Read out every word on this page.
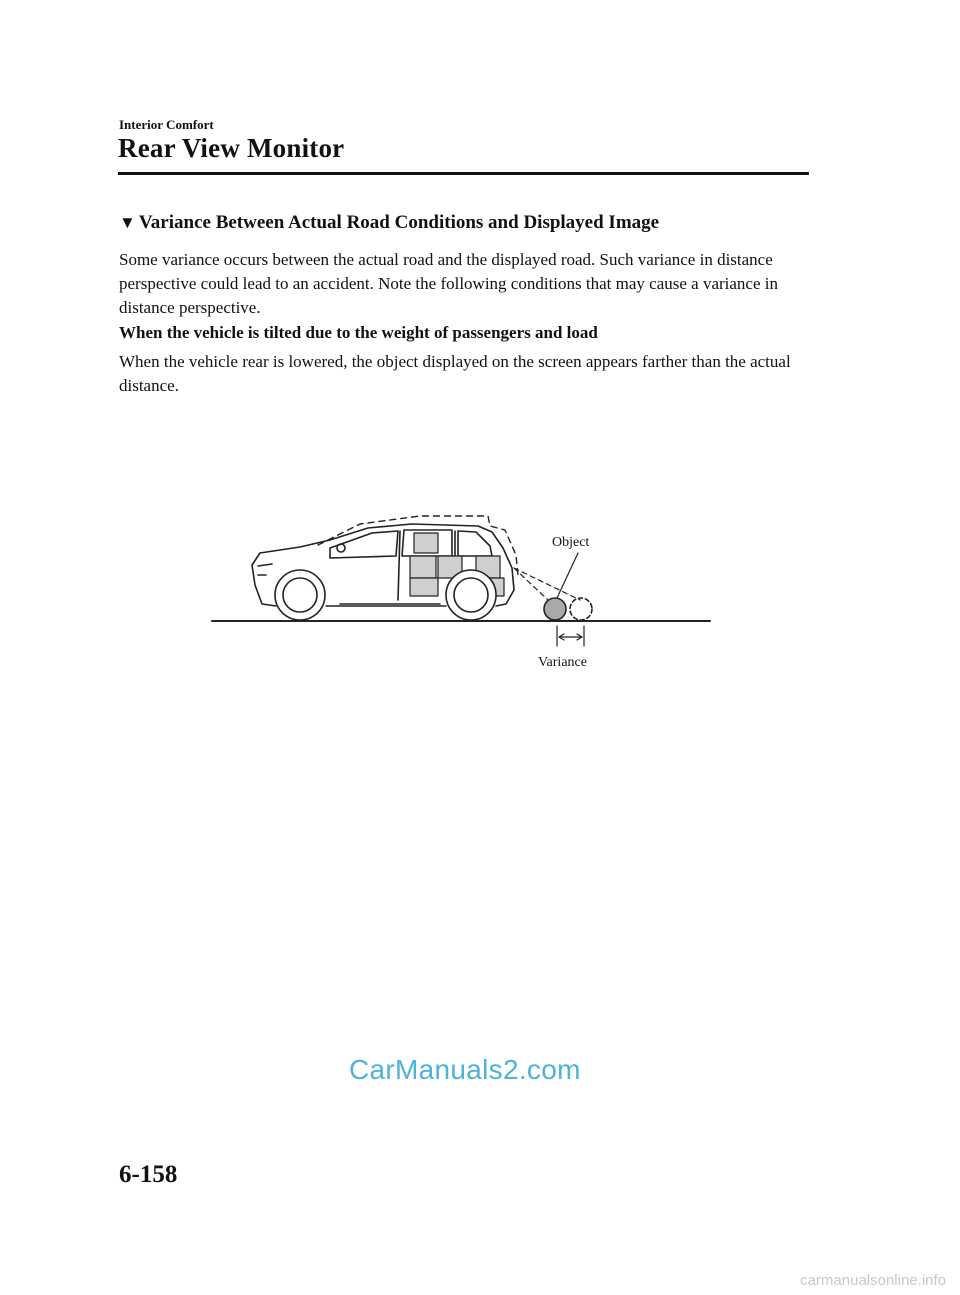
Interior Comfort
Rear View Monitor
▼ Variance Between Actual Road Conditions and Displayed Image
Some variance occurs between the actual road and the displayed road. Such variance in distance perspective could lead to an accident. Note the following conditions that may cause a variance in distance perspective.
When the vehicle is tilted due to the weight of passengers and load
When the vehicle rear is lowered, the object displayed on the screen appears farther than the actual distance.
Object
Variance
CarManuals2.com
6-158
carmanualsonline.info
